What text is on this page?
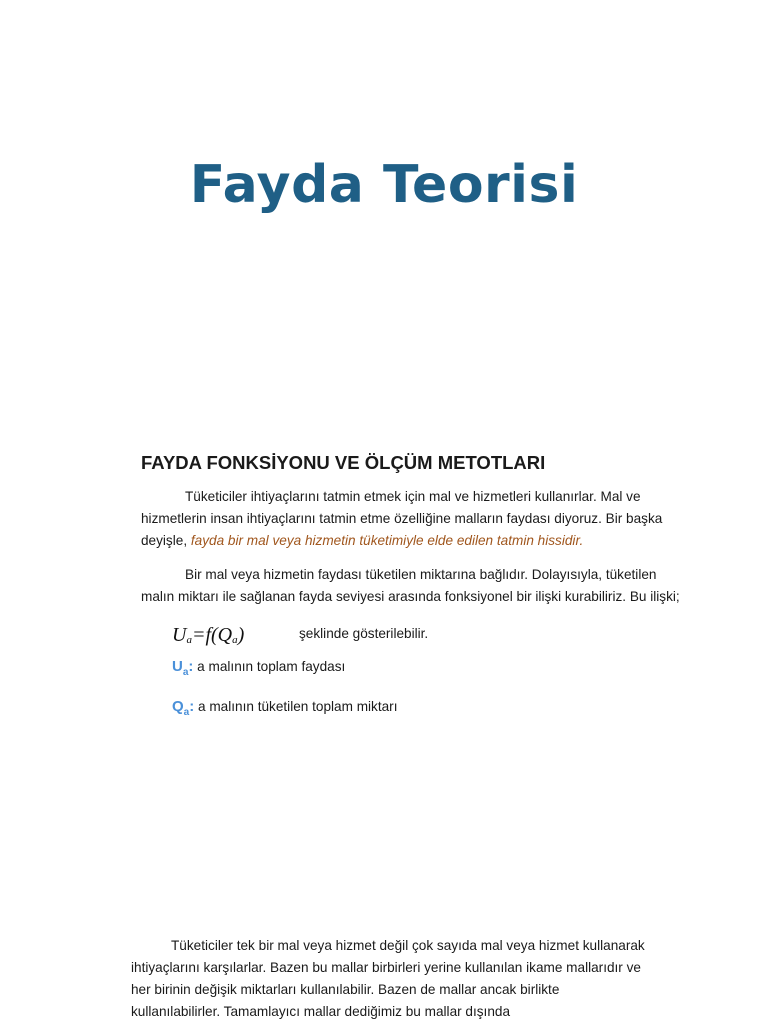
Fayda Teorisi
FAYDA FONKSİYONU VE ÖLÇÜM METOTLARI

Tüketiciler ihtiyaçlarını tatmin etmek için mal ve hizmetleri kullanırlar. Mal ve hizmetlerin insan ihtiyaçlarını tatmin etme özelliğine malların faydası diyoruz. Bir başka deyişle, fayda bir mal veya hizmetin tüketimiyle elde edilen tatmin hissidir.

Bir mal veya hizmetin faydası tüketilen miktarına bağlıdır. Dolayısıyla, tüketilen malın miktarı ile sağlanan fayda seviyesi arasında fonksiyonel bir ilişki kurabiliriz. Bu ilişki;

$U_a=f(Q_a)$	şeklinde gösterilebilir.
$U_a$: a malının toplam faydası
$Q_a$: a malının tüketilen toplam miktarı
Tüketiciler tek bir mal veya hizmet değil çok sayıda mal veya hizmet kullanarak ihtiyaçlarını karşılarlar. Bazen bu mallar birbirleri yerine kullanılan ikame mallarıdır ve her birinin değişik miktarları kullanılabilir. Bazen de mallar ancak birlikte kullanılabilirler. Tamamlayıcı mallar dediğimiz bu mallar dışında
